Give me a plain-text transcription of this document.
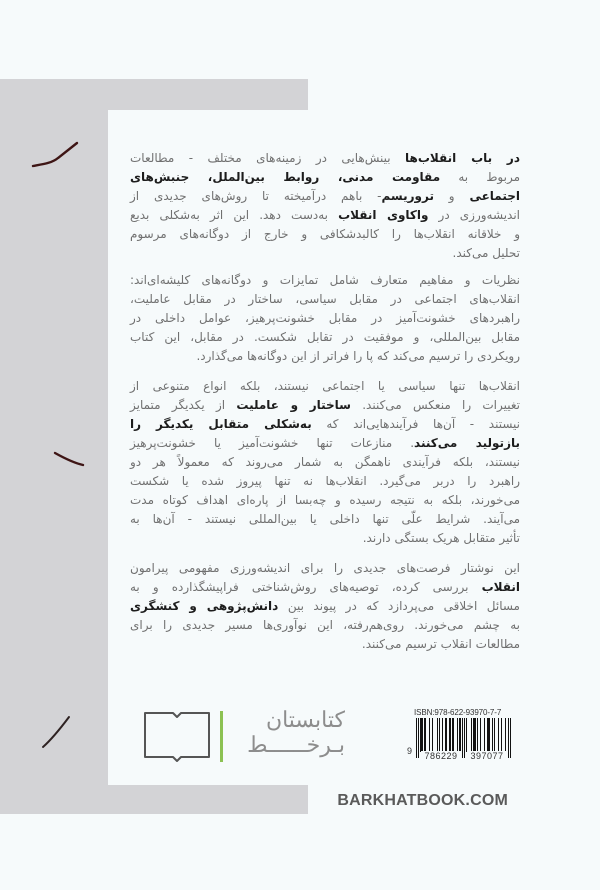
در باب انقلاب‌ها بینش‌هایی در زمینه‌های مختلف - مطالعات
مربوط به مقاومت مدنی، روابط بین‌الملل، جنبش‌های
اجتماعی و تروریسم- باهم درآمیخته تا روش‌های جدیدی از
اندیشه‌ورزی در واکاوی انقلاب به‌دست دهد. این اثر به‌شکلی بدیع
و خلاقانه انقلاب‌ها را کالبدشکافی و خارج از دوگانه‌های مرسوم
تحلیل می‌کند.
نظریات و مفاهیم متعارف شامل تمایزات و دوگانه‌های کلیشه‌ای‌اند:
انقلاب‌های اجتماعی در مقابل سیاسی، ساختار در مقابل عاملیت،
راهبردهای خشونت‌آمیز در مقابل خشونت‌پرهیز، عوامل داخلی در
مقابل بین‌المللی، و موفقیت در تقابل شکست. در مقابل، این کتاب
رویکردی را ترسیم می‌کند که پا را فراتر از این دوگانه‌ها می‌گذارد.
انقلاب‌ها تنها سیاسی یا اجتماعی نیستند، بلکه انواع متنوعی از
تغییرات را منعکس می‌کنند. ساختار و عاملیت از یکدیگر متمایز
نیستند - آن‌ها فرآیندهایی‌اند که به‌شکلی متقابل یکدیگر را
بازتولید می‌کنند. منازعات تنها خشونت‌آمیز یا خشونت‌پرهیز
نیستند، بلکه فرآیندی ناهمگن به شمار می‌روند که معمولاً هر دو
راهبرد را دربر می‌گیرد. انقلاب‌ها نه تنها پیروز شده یا شکست
می‌خورند، بلکه به نتیجه رسیده و چه‌بسا از پاره‌ای اهداف کوتاه مدت
می‌آیند. شرایط علّی تنها داخلی یا بین‌المللی نیستند - آن‌ها به
تأثیر متقابل هریک بستگی دارند.
این نوشتار فرصت‌های جدیدی را برای اندیشه‌ورزی مفهومی پیرامون
انقلاب بررسی کرده، توصیه‌های روش‌شناختی فراپیشگذارده و به
مسائل اخلاقی می‌پردازد که در پیوند بین دانش‌پژوهی و کنشگری
به چشم می‌خورند. روی‌هم‌رفته، این نوآوری‌ها مسیر جدیدی را برای
مطالعات انقلاب ترسیم می‌کنند.
کتابستان
بـرخــــــط
ISBN:978-622-93970-7-7
9	786229	397077
BARKHATBOOK.COM
